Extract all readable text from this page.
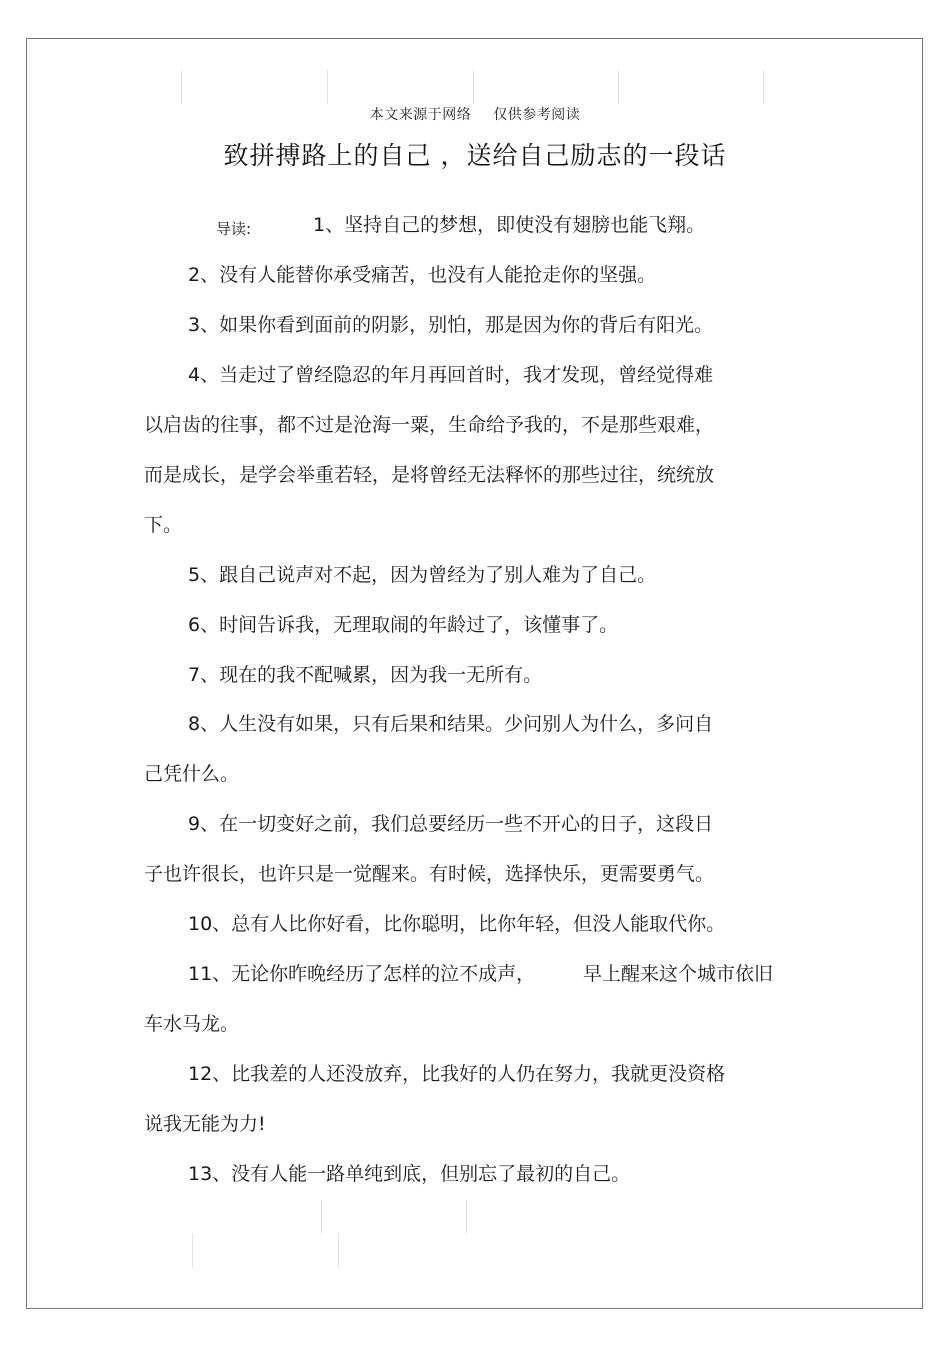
本文来源于网络 仅供参考阅读
致拼搏路上的自己 ，送给自己励志的一段话
导读:	1、坚持自己的梦想，即使没有翅膀也能飞翔。
2、没有人能替你承受痛苦，也没有人能抢走你的坚强。
3、如果你看到面前的阴影，别怕，那是因为你的背后有阳光。
4、当走过了曾经隐忍的年月再回首时，我才发现，曾经觉得难
以启齿的往事，都不过是沧海一粟，生命给予我的，不是那些艰难，
而是成长，是学会举重若轻，是将曾经无法释怀的那些过往，统统放
下。
5、跟自己说声对不起，因为曾经为了别人难为了自己。
6、时间告诉我，无理取闹的年龄过了，该懂事了。
7、现在的我不配喊累，因为我一无所有。
8、人生没有如果，只有后果和结果。少问别人为什么，多问自
己凭什么。
9、在一切变好之前，我们总要经历一些不开心的日子，这段日
子也许很长，也许只是一觉醒来。有时候，选择快乐，更需要勇气。
10、总有人比你好看，比你聪明，比你年轻，但没人能取代你。
11、无论你昨晚经历了怎样的泣不成声，	早上醒来这个城市依旧
车水马龙。
12、比我差的人还没放弃，比我好的人仍在努力，我就更没资格
说我无能为力!
13、没有人能一路单纯到底，但别忘了最初的自己。
